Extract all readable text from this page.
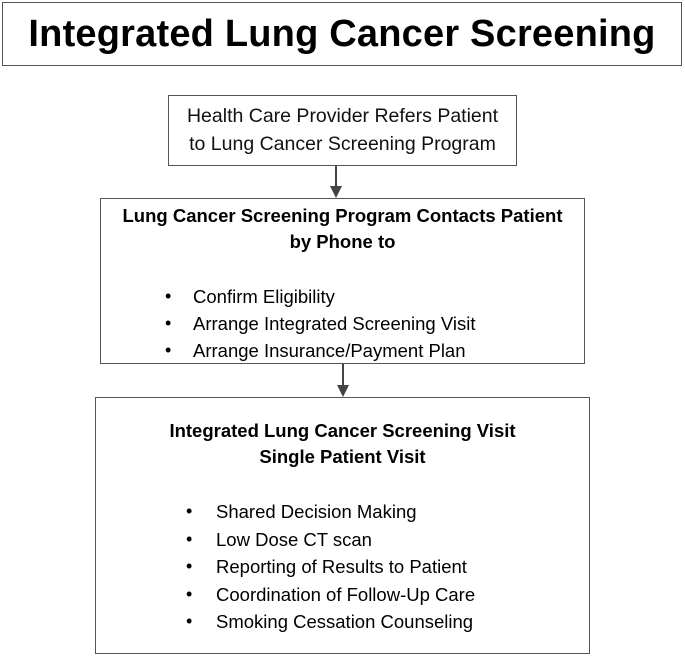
Integrated Lung Cancer Screening
Health Care Provider Refers Patient
to Lung Cancer Screening Program
Lung Cancer Screening Program Contacts Patient
by Phone to
• Confirm Eligibility
• Arrange Integrated Screening Visit
• Arrange Insurance/Payment Plan
Integrated Lung Cancer Screening Visit
Single Patient Visit
• Shared Decision Making
• Low Dose CT scan
• Reporting of Results to Patient
• Coordination of Follow-Up Care
• Smoking Cessation Counseling
